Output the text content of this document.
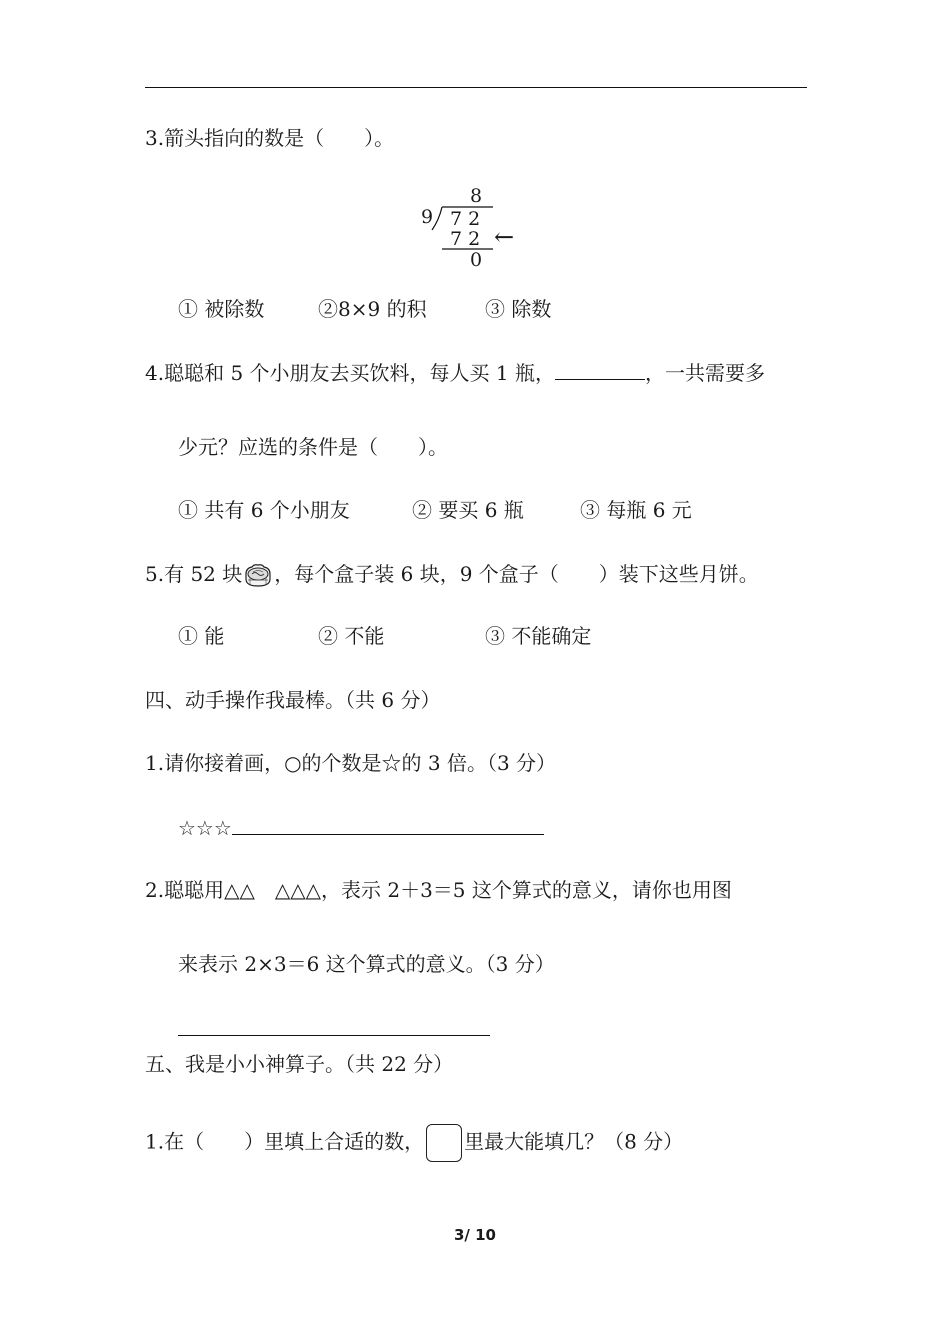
3.箭头指向的数是（　　）。
8
9 7 2
7 2 ←
0
① 被除数	②8×9 的积	③ 除数
4.聪聪和 5 个小朋友去买饮料，每人买 1 瓶，	，一共需要多
少元？应选的条件是（　　）。
① 共有 6 个小朋友	② 要买 6 瓶	③ 每瓶 6 元
5.有 52 块 ，每个盒子装 6 块，9 个盒子（　　）装下这些月饼。
① 能	② 不能	③ 不能确定
四、动手操作我最棒。（共 6 分）
1.请你接着画，○的个数是☆的 3 倍。（3 分）
☆☆☆
2.聪聪用△△　△△△，表示 2＋3＝5 这个算式的意义，请你也用图
来表示 2×3＝6 这个算式的意义。（3 分）
五、我是小小神算子。（共 22 分）
1.在（　　）里填上合适的数， 里最大能填几？（8 分）
3/ 10
